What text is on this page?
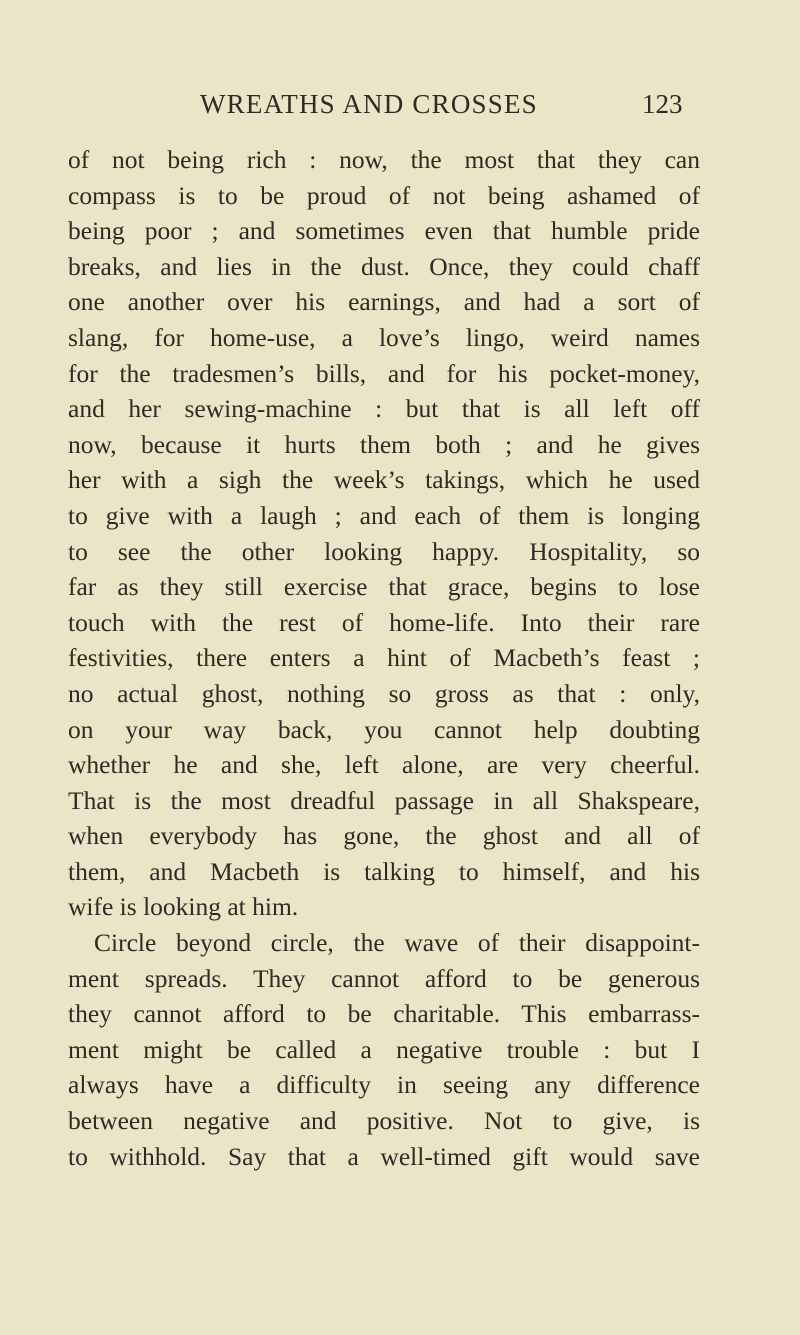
WREATHS AND CROSSES	123
of not being rich : now, the most that they can
compass is to be proud of not being ashamed of
being poor ; and sometimes even that humble pride
breaks, and lies in the dust. Once, they could chaff
one another over his earnings, and had a sort of
slang, for home-use, a love’s lingo, weird names
for the tradesmen’s bills, and for his pocket-money,
and her sewing-machine : but that is all left off
now, because it hurts them both ; and he gives
her with a sigh the week’s takings, which he used
to give with a laugh ; and each of them is longing
to see the other looking happy. Hospitality, so
far as they still exercise that grace, begins to lose
touch with the rest of home-life. Into their rare
festivities, there enters a hint of Macbeth’s feast ;
no actual ghost, nothing so gross as that : only,
on your way back, you cannot help doubting
whether he and she, left alone, are very cheerful.
That is the most dreadful passage in all Shakspeare,
when everybody has gone, the ghost and all of
them, and Macbeth is talking to himself, and his
wife is looking at him.
Circle beyond circle, the wave of their disappoint-
ment spreads. They cannot afford to be generous
they cannot afford to be charitable. This embarrass-
ment might be called a negative trouble : but I
always have a difficulty in seeing any difference
between negative and positive. Not to give, is
to withhold. Say that a well-timed gift would save
